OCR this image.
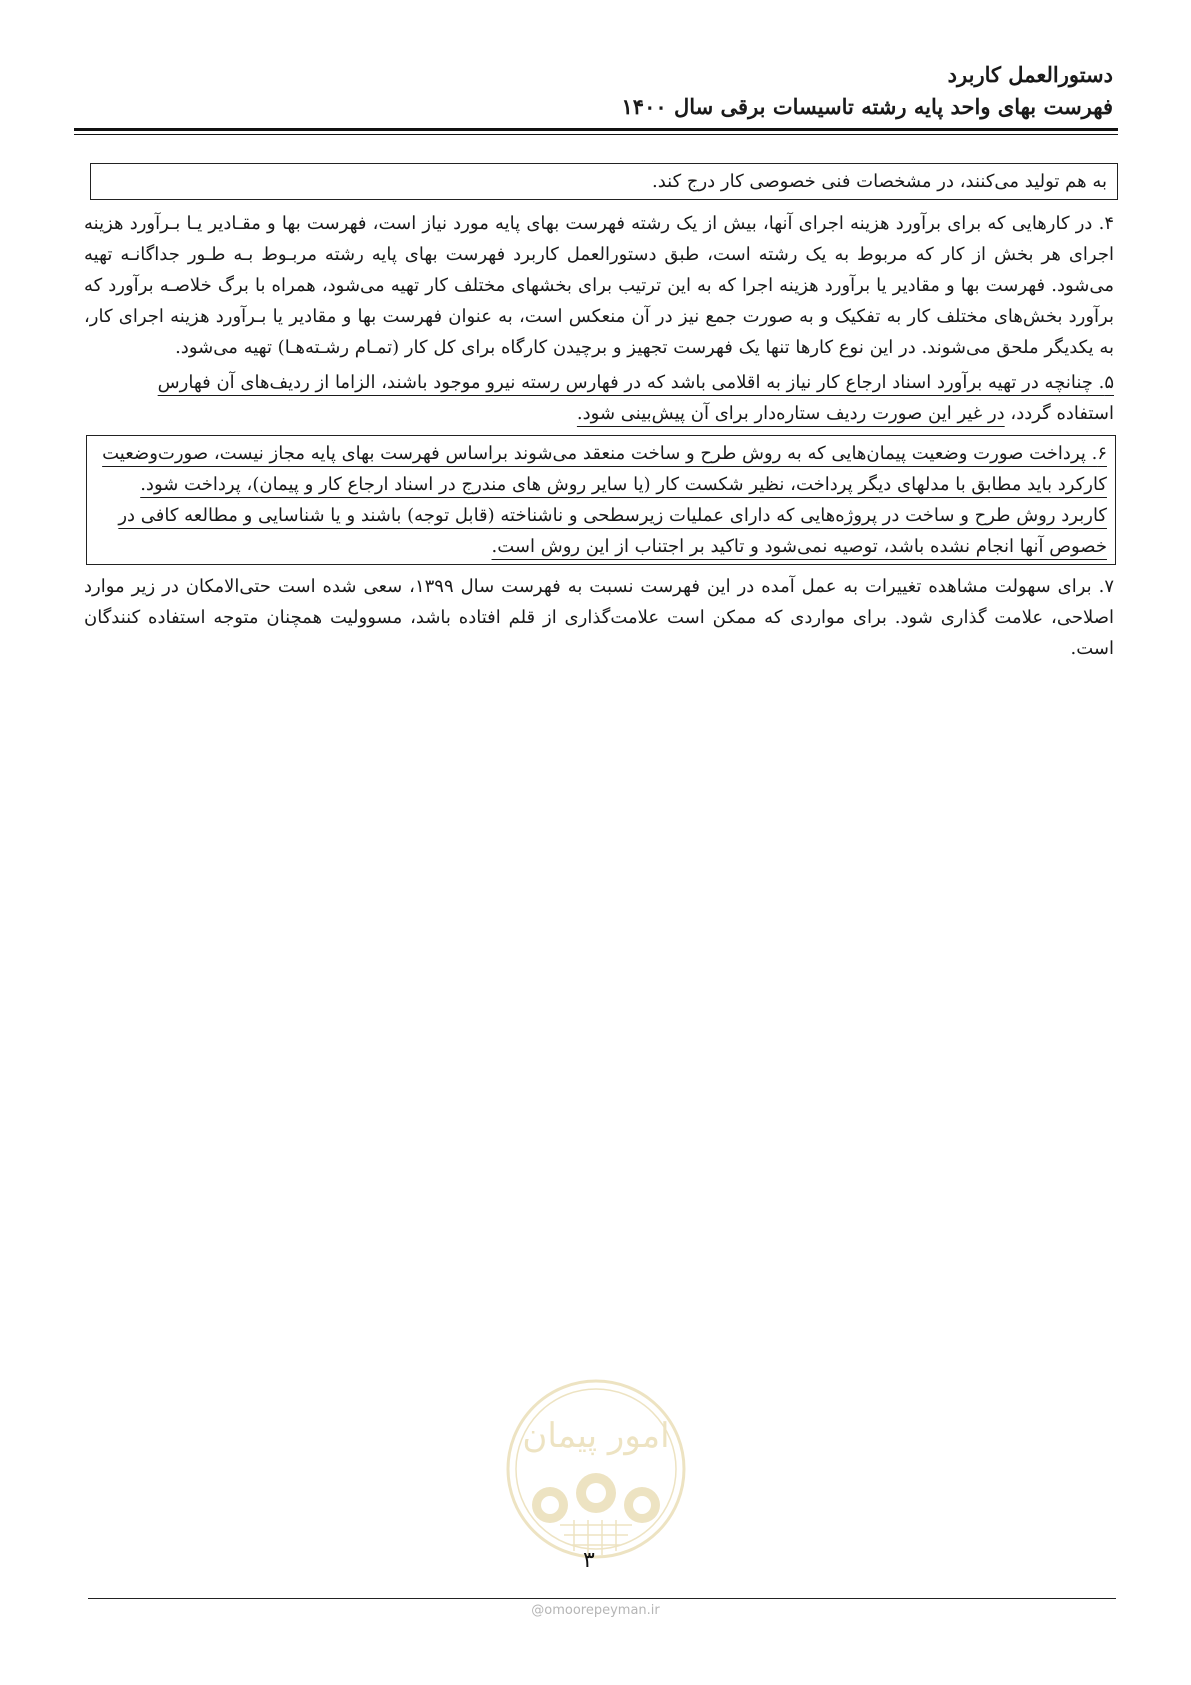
دستورالعمل کاربرد
فهرست بهای واحد پایه رشته تاسیسات برقی سال ۱۴۰۰
به هم تولید می‌کنند، در مشخصات فنی خصوصی کار درج کند.

۴. در کارهایی که برای برآورد هزینه اجرای آنها، بیش از یک رشته فهرست بهای پایه مورد نیاز است، فهرست بها و مقـادیر یـا بـرآورد هزینه اجرای هر بخش از کار که مربوط به یک رشته است، طبق دستورالعمل کاربرد فهرست بهای پایه رشته مربـوط بـه طـور جداگانـه تهیه می‌شود. فهرست بها و مقادیر یا برآورد هزینه اجرا که به این ترتیب برای بخشهای مختلف کار تهیه می‌شود، همراه با برگ خلاصـه برآورد که برآورد بخش‌های مختلف کار به تفکیک و به صورت جمع نیز در آن منعکس است، به عنوان فهرست بها و مقادیر یا بـرآورد هزینه اجرای کار، به یکدیگر ملحق می‌شوند. در این نوع کارها تنها یک فهرست تجهیز و برچیدن کارگاه برای کل کار (تمـام رشـته‌هـا) تهیه می‌شود.

۵. چنانچه در تهیه برآورد اسناد ارجاع کار نیاز به اقلامی باشد که در فهارس رسته نیرو موجود باشند، الزاما از ردیف‌های آن فهارس
استفاده گردد، در غیر این صورت ردیف ستاره‌دار برای آن پیش‌بینی شود.

۶. پرداخت صورت وضعیت پیمان‌هایی که به روش طرح و ساخت منعقد می‌شوند براساس فهرست بهای پایه مجاز نیست، صورت‌وضعیت
کارکرد باید مطابق با مدلهای دیگر پرداخت، نظیر شکست کار (یا سایر روش های مندرج در اسناد ارجاع کار و پیمان)، پرداخت شود.
کاربرد روش طرح و ساخت در پروژه‌هایی که دارای عملیات زیرسطحی و ناشناخته (قابل توجه) باشند و یا شناسایی و مطالعه کافی در
خصوص آنها انجام نشده باشد، توصیه نمی‌شود و تاکید بر اجتناب از این روش است.

۷. برای سهولت مشاهده تغییرات به عمل آمده در این فهرست نسبت به فهرست سال ۱۳۹۹، سعی شده است حتی‌الامکان در زیر موارد اصلاحی، علامت گذاری شود. برای مواردی که ممکن است علامت‌گذاری از قلم افتاده باشد، مسوولیت همچنان متوجه استفاده کنندگان است.

امور پیمان
۳
@omoorepeyman.ir
